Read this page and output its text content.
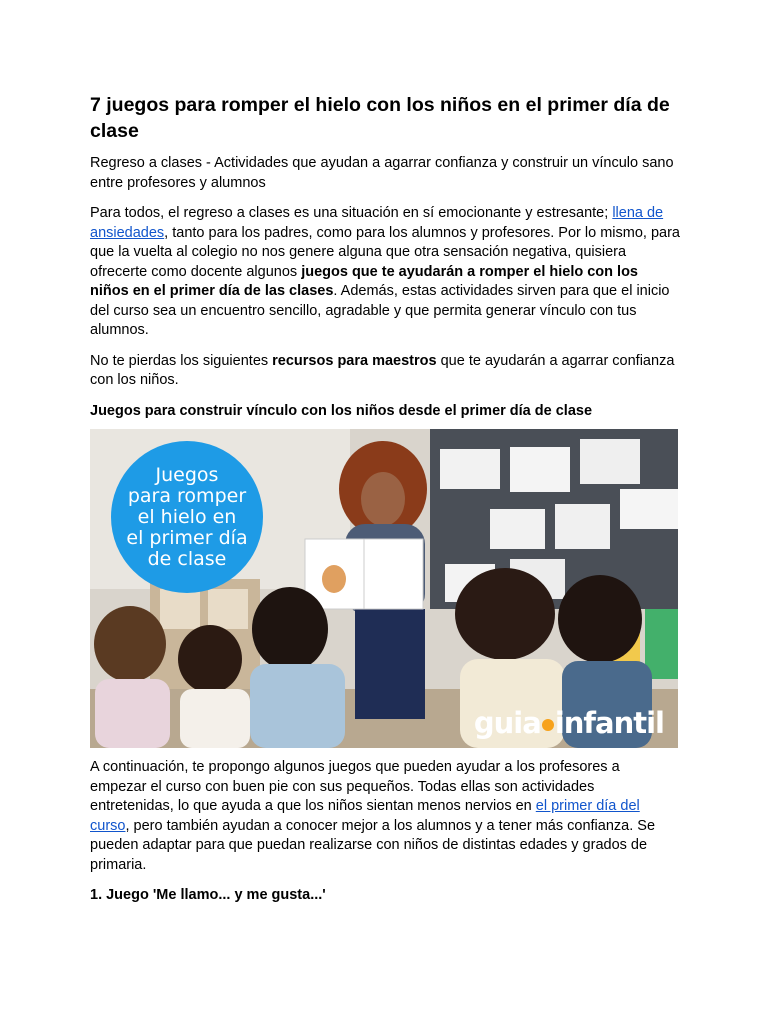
7 juegos para romper el hielo con los niños en el primer día de clase

Regreso a clases - Actividades que ayudan a agarrar confianza y construir un vínculo sano entre profesores y alumnos

Para todos, el regreso a clases es una situación en sí emocionante y estresante; llena de ansiedades, tanto para los padres, como para los alumnos y profesores. Por lo mismo, para que la vuelta al colegio no nos genere alguna que otra sensación negativa, quisiera ofrecerte como docente algunos juegos que te ayudarán a romper el hielo con los niños en el primer día de las clases. Además, estas actividades sirven para que el inicio del curso sea un encuentro sencillo, agradable y que permita generar vínculo con tus alumnos.

No te pierdas los siguientes recursos para maestros que te ayudarán a agarrar confianza con los niños.

Juegos para construir vínculo con los niños desde el primer día de clase

Juegos
para romper
el hielo en
el primer día
de clase
guia infantil

A continuación, te propongo algunos juegos que pueden ayudar a los profesores a empezar el curso con buen pie con sus pequeños. Todas ellas son actividades entretenidas, lo que ayuda a que los niños sientan menos nervios en el primer día del curso, pero también ayudan a conocer mejor a los alumnos y a tener más confianza. Se pueden adaptar para que puedan realizarse con niños de distintas edades y grados de primaria.

1. Juego 'Me llamo... y me gusta...'
